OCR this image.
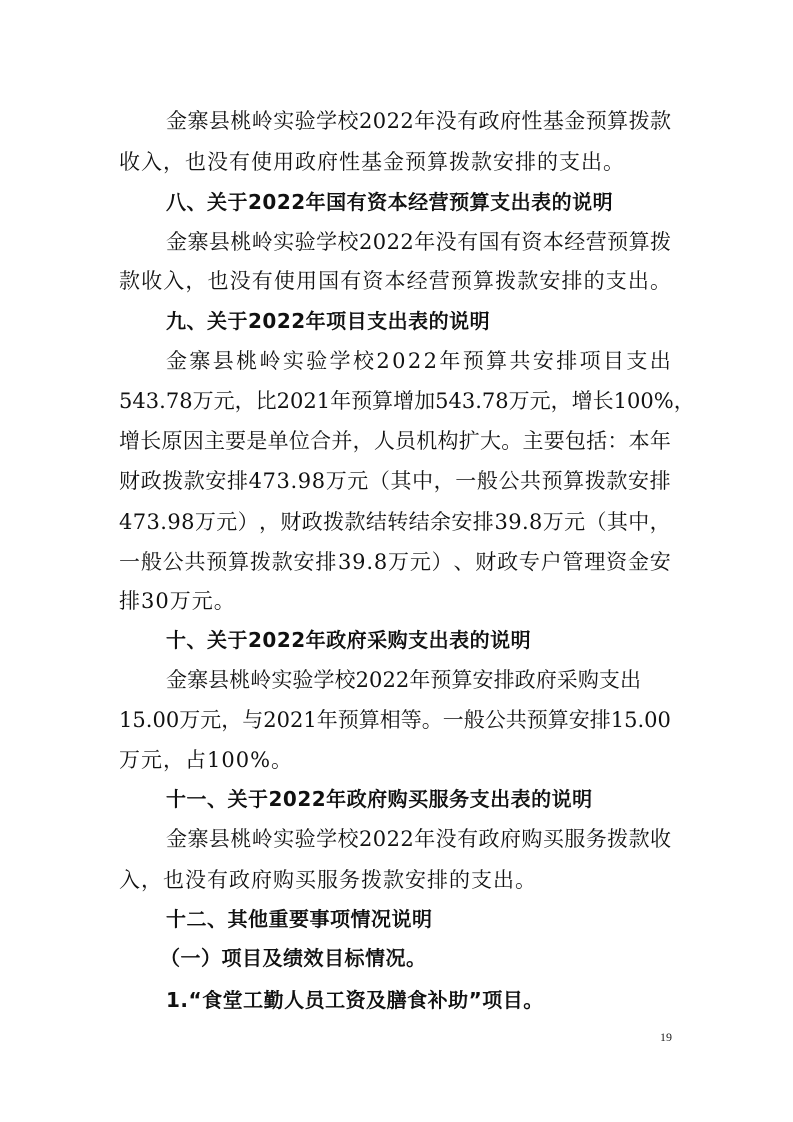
金 寨 县 桃 岭 实 验 学 校 2 0 2 2 年 没 有 政 府 性 基 金 预 算 拨 款
收入，也没有使用政府性基金预算拨款安排的支出。
八、关于2022年国有资本经营预算支出表的说明
金 寨 县 桃 岭 实 验 学 校 2 0 2 2 年 没 有 国 有 资 本 经 营 预 算 拨
款 收 入 ， 也 没 有 使 用 国 有 资 本 经 营 预 算 拨 款 安 排 的 支 出 。
九、关于2022年项目支出表的说明
金 寨 县 桃 岭 实 验 学 校 2 0 2 2 年 预 算 共 安 排 项 目 支 出
5 4 3 . 7 8 万 元 ， 比 2 0 2 1 年 预 算 增 加 5 4 3 . 7 8 万 元 ， 增 长 1 0 0 % ，
增 长 原 因 主 要 是 单 位 合 并 ， 人 员 机 构 扩 大 。 主 要 包 括 ： 本 年
财 政 拨 款 安 排 4 7 3 . 9 8 万 元 （ 其 中 ， 一 般 公 共 预 算 拨 款 安 排
4 7 3 . 9 8 万 元 ） ， 财 政 拨 款 结 转 结 余 安 排 3 9 . 8 万 元 （ 其 中 ，
一 般 公 共 预 算 拨 款 安 排 3 9 . 8 万 元 ） 、 财 政 专 户 管 理 资 金 安
排30万元。
十、关于2022年政府采购支出表的说明
金 寨 县 桃 岭 实 验 学 校 2 0 2 2 年 预 算 安 排 政 府 采 购 支 出
1 5 . 0 0 万 元 ， 与 2 0 2 1 年 预 算 相 等 。 一 般 公 共 预 算 安 排 1 5 . 0 0
万元，占100%。
十一、关于2022年政府购买服务支出表的说明
金 寨 县 桃 岭 实 验 学 校 2 0 2 2 年 没 有 政 府 购 买 服 务 拨 款 收
入，也没有政府购买服务拨款安排的支出。
十二、其他重要事项情况说明
（一）项目及绩效目标情况。
1.“食堂工勤人员工资及膳食补助”项目。
19
